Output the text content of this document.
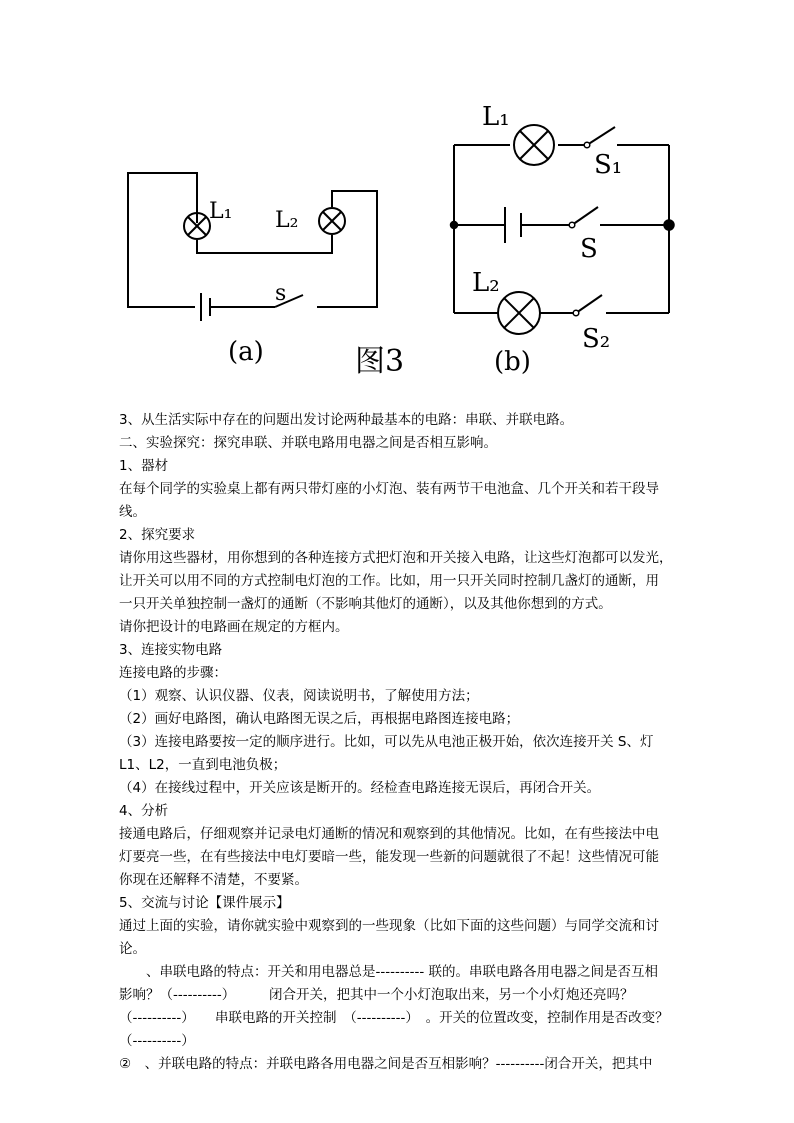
L₁ L₂
s
(a)	图3
L₁
S₁
S
L₂
S₂
(b)
3、从生活实际中存在的问题出发讨论两种最基本的电路：串联、并联电路。
二、实验探究：探究串联、并联电路用电器之间是否相互影响。
1、器材
在每个同学的实验桌上都有两只带灯座的小灯泡、装有两节干电池盒、几个开关和若干段导
线。
2、探究要求
请你用这些器材，用你想到的各种连接方式把灯泡和开关接入电路，让这些灯泡都可以发光，
让开关可以用不同的方式控制电灯泡的工作。比如，用一只开关同时控制几盏灯的通断，用
一只开关单独控制一盏灯的通断（不影响其他灯的通断），以及其他你想到的方式。
请你把设计的电路画在规定的方框内。
3、连接实物电路
连接电路的步骤：
（1）观察、认识仪器、仪表，阅读说明书，了解使用方法；
（2）画好电路图，确认电路图无误之后，再根据电路图连接电路；
（3）连接电路要按一定的顺序进行。比如，可以先从电池正极开始，依次连接开关 S、灯
L1、L2，一直到电池负极；
（4）在接线过程中，开关应该是断开的。经检查电路连接无误后，再闭合开关。
4、分析
接通电路后，仔细观察并记录电灯通断的情况和观察到的其他情况。比如，在有些接法中电
灯要亮一些，在有些接法中电灯要暗一些，能发现一些新的问题就很了不起！这些情况可能
你现在还解释不清楚，不要紧。
5、交流与讨论【课件展示】
通过上面的实验，请你就实验中观察到的一些现象（比如下面的这些问题）与同学交流和讨
论。
　　、串联电路的特点：开关和用电器总是---------- 联的。串联电路各用电器之间是否互相
影响？（----------）　　　闭合开关，把其中一个小灯泡取出来，另一个小灯炮还亮吗？
（----------）　　串联电路的开关控制　（----------）　。开关的位置改变，控制作用是否改变？
（----------）
②　、并联电路的特点：并联电路各用电器之间是否互相影响？----------闭合开关，把其中
